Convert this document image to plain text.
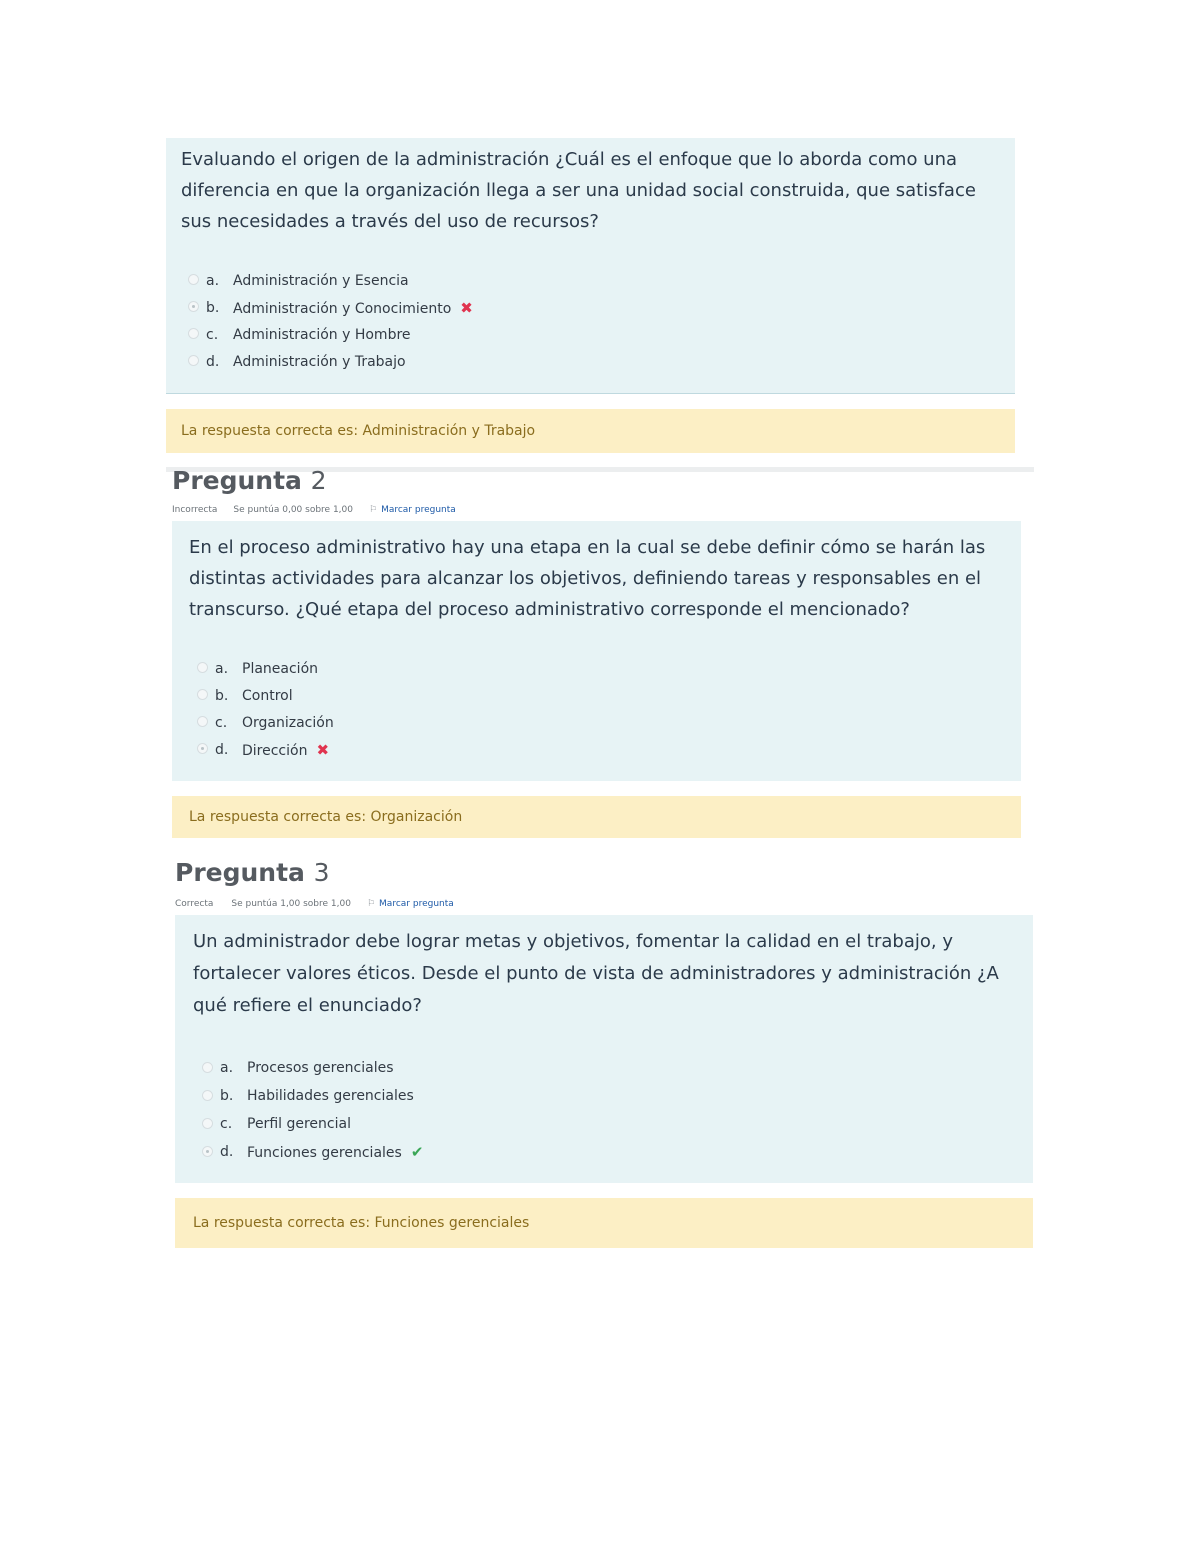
Evaluando el origen de la administración ¿Cuál es el enfoque que lo aborda como una diferencia en que la organización llega a ser una unidad social construida, que satisface sus necesidades a través del uso de recursos?
a. Administración y Esencia
b. Administración y Conocimiento ✖
c. Administración y Hombre
d. Administración y Trabajo
La respuesta correcta es: Administración y Trabajo
Pregunta 2
Incorrecta Se puntúa 0,00 sobre 1,00 ⚐ Marcar pregunta
En el proceso administrativo hay una etapa en la cual se debe definir cómo se harán las distintas actividades para alcanzar los objetivos, definiendo tareas y responsables en el transcurso. ¿Qué etapa del proceso administrativo corresponde el mencionado?
a. Planeación
b. Control
c. Organización
d. Dirección ✖
La respuesta correcta es: Organización
Pregunta 3
Correcta Se puntúa 1,00 sobre 1,00 ⚐ Marcar pregunta
Un administrador debe lograr metas y objetivos, fomentar la calidad en el trabajo, y fortalecer valores éticos. Desde el punto de vista de administradores y administración ¿A qué refiere el enunciado?
a. Procesos gerenciales
b. Habilidades gerenciales
c. Perfil gerencial
d. Funciones gerenciales ✔
La respuesta correcta es: Funciones gerenciales
